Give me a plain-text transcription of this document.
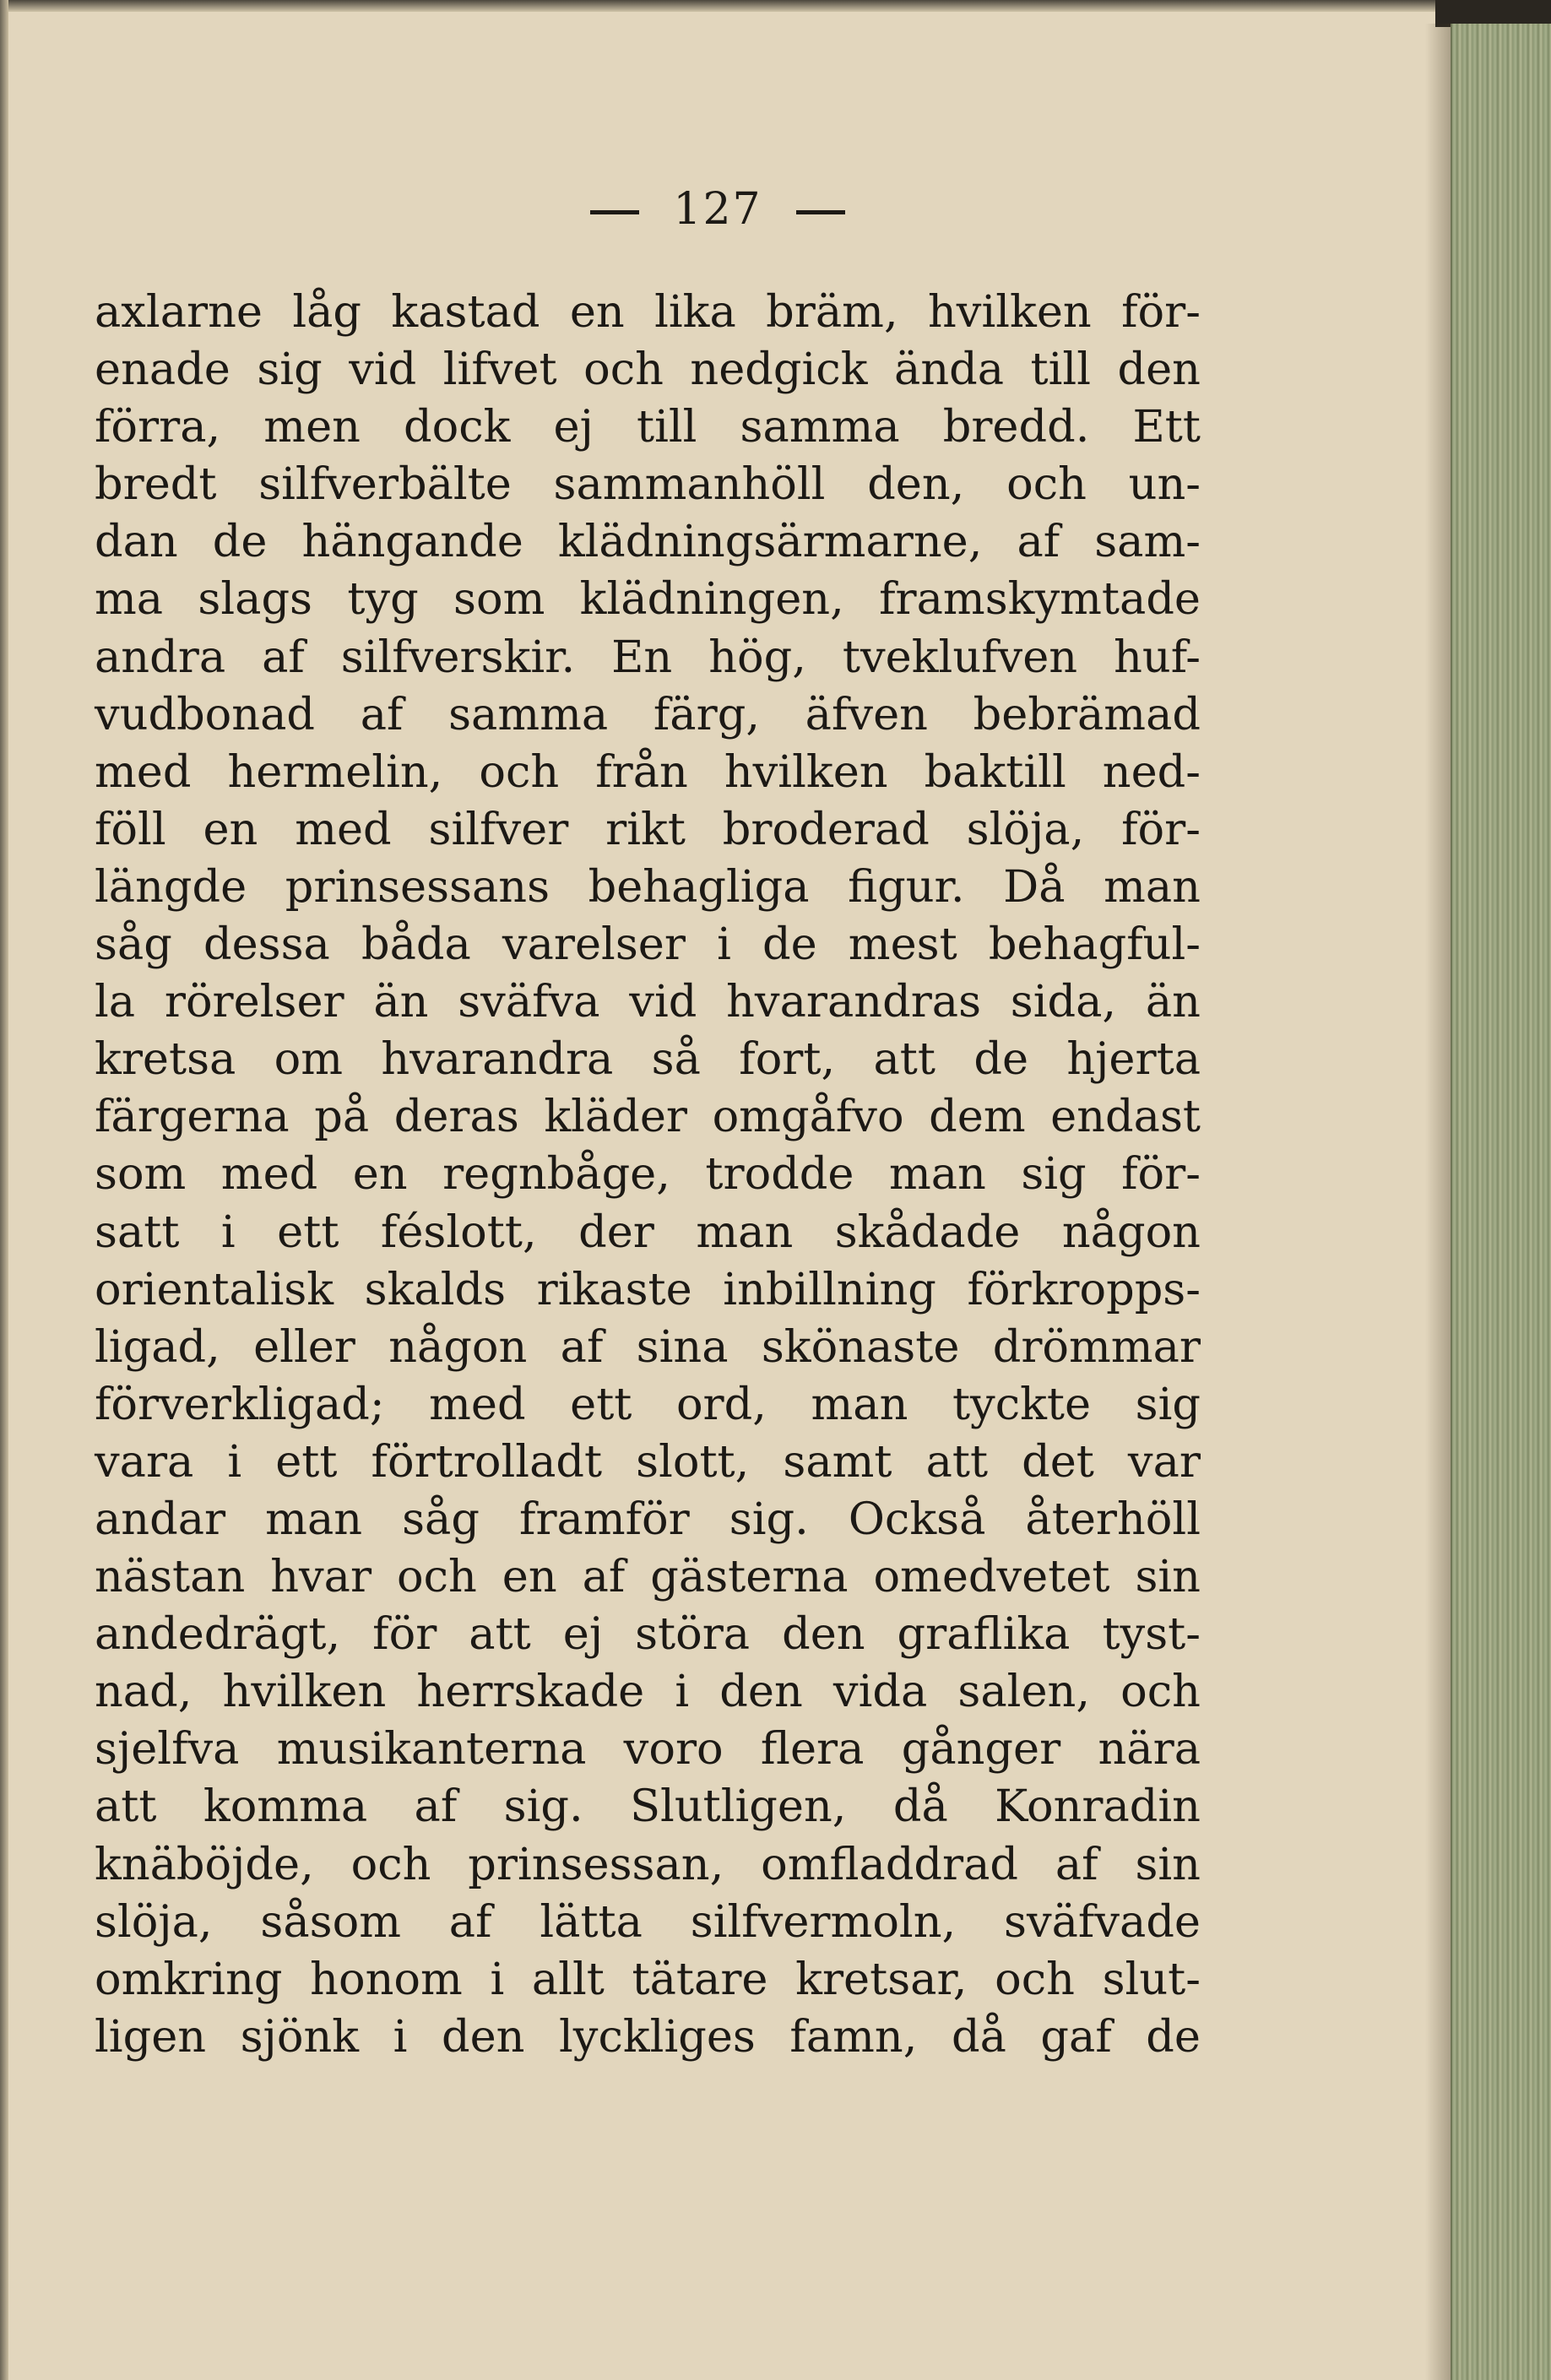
127
axlarne låg kastad en lika bräm, hvilken för-
enade sig vid lifvet och nedgick ända till den
förra, men dock ej till samma bredd. Ett
bredt silfverbälte sammanhöll den, och un-
dan de hängande klädningsärmarne, af sam-
ma slags tyg som klädningen, framskymtade
andra af silfverskir. En hög, tveklufven huf-
vudbonad af samma färg, äfven bebrämad
med hermelin, och från hvilken baktill ned-
föll en med silfver rikt broderad slöja, för-
längde prinsessans behagliga figur. Då man
såg dessa båda varelser i de mest behagful-
la rörelser än sväfva vid hvarandras sida, än
kretsa om hvarandra så fort, att de hjerta
färgerna på deras kläder omgåfvo dem endast
som med en regnbåge, trodde man sig för-
satt i ett féslott, der man skådade någon
orientalisk skalds rikaste inbillning förkropps-
ligad, eller någon af sina skönaste drömmar
förverkligad; med ett ord, man tyckte sig
vara i ett förtrolladt slott, samt att det var
andar man såg framför sig. Också återhöll
nästan hvar och en af gästerna omedvetet sin
andedrägt, för att ej störa den graflika tyst-
nad, hvilken herrskade i den vida salen, och
sjelfva musikanterna voro flera gånger nära
att komma af sig. Slutligen, då Konradin
knäböjde, och prinsessan, omfladdrad af sin
slöja, såsom af lätta silfvermoln, sväfvade
omkring honom i allt tätare kretsar, och slut-
ligen sjönk i den lyckliges famn, då gaf de
